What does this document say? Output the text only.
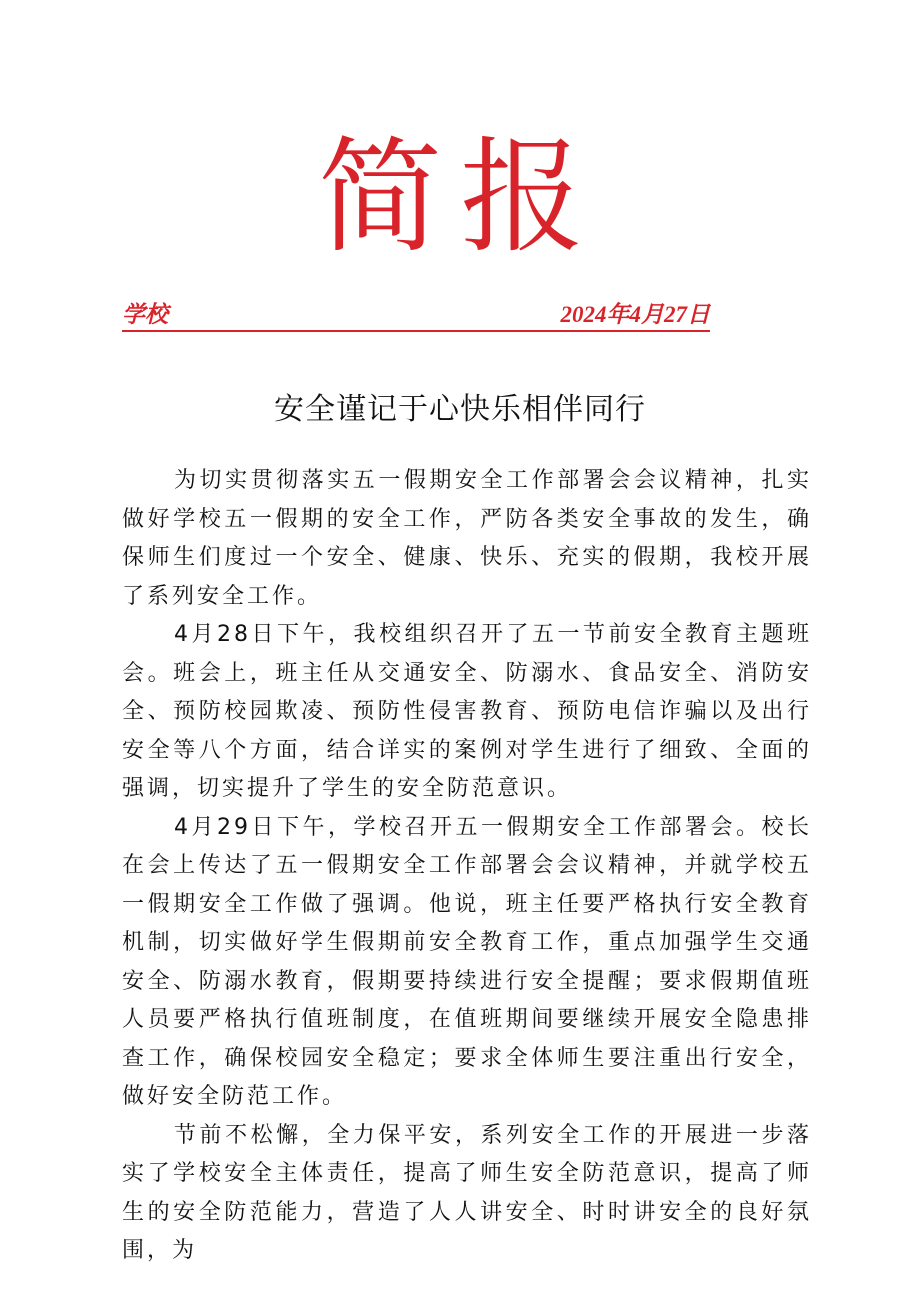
简报
学校	2024年4月27日
安全谨记于心快乐相伴同行

为切实贯彻落实五一假期安全工作部署会会议精神，扎实做好学校五一假期的安全工作，严防各类安全事故的发生，确保师生们度过一个安全、健康、快乐、充实的假期，我校开展了系列安全工作。

4月28日下午，我校组织召开了五一节前安全教育主题班会。班会上，班主任从交通安全、防溺水、食品安全、消防安全、预防校园欺凌、预防性侵害教育、预防电信诈骗以及出行安全等八个方面，结合详实的案例对学生进行了细致、全面的强调，切实提升了学生的安全防范意识。

4月29日下午，学校召开五一假期安全工作部署会。校长在会上传达了五一假期安全工作部署会会议精神，并就学校五一假期安全工作做了强调。他说，班主任要严格执行安全教育机制，切实做好学生假期前安全教育工作，重点加强学生交通安全、防溺水教育，假期要持续进行安全提醒；要求假期值班人员要严格执行值班制度，在值班期间要继续开展安全隐患排查工作，确保校园安全稳定；要求全体师生要注重出行安全，做好安全防范工作。

节前不松懈，全力保平安，系列安全工作的开展进一步落实了学校安全主体责任，提高了师生安全防范意识，提高了师生的安全防范能力，营造了人人讲安全、时时讲安全的良好氛围，为
